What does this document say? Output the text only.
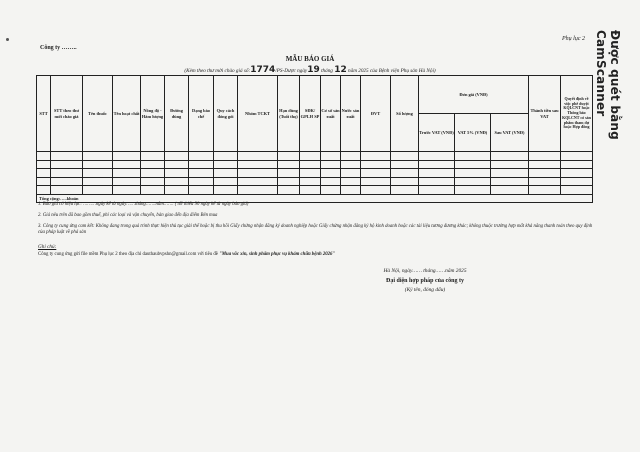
Công ty ……..
Phụ lục 2
MẪU BÁO GIÁ
(Kèm theo thư mời chào giá số:1774/PS-Dược ngày19 tháng 12 năm 2025 của Bệnh viện Phụ sản Hà Nội)	Được quét bằng CamScanner
STT	STT theo thư mời chào giá	Tên thuốc	Tên hoạt chất	Nồng độ - Hàm lượng	Đường dùng	Dạng bào chế	Quy cách đóng gói	Nhóm TCKT	Hạn dùng (Tuổi thọ)	SĐK/ GPLH SP	Cơ sở sản xuất	Nước sản xuất	ĐVT	Số lượng	Đơn giá (VNĐ)			Thành tiền sau VAT	Quyết định về việc phê duyệt KQLCNT hoặc Thông báo KQLCNT có sản phẩm tham dự hoặc Hợp đồng
															Trước VAT (VNĐ)	VAT 5% (VNĐ)	Sau VAT (VNĐ)		

Tổng cộng:…..khoản																			
1. Báo giá có hiệu lực: ………ngày kể từ ngày……tháng…….năm……. ( tối thiểu 90 ngày kể từ ngày báo giá)
2. Giá nêu trên đã bao gồm thuế, phí các loại và vận chuyển, bàn giao đến địa điểm Bên mua
3. Công ty cung ứng cam kết: Không đang trong quá trình thực hiện thủ tục giải thể hoặc bị thu hồi Giấy chứng nhận đăng ký doanh nghiệp hoặc Giấy chứng nhận đăng ký hộ kinh doanh hoặc các tài liệu tương đương khác; không thuộc trường hợp mất khả năng thanh toán theo quy định của pháp luật về phá sản
Ghi chú:
Công ty cung ứng gửi file mềm Phụ lục 2 theo địa chỉ dauthaubvpshn@gmail.com với tiêu đề "Mua vắc xin, sinh phẩm phục vụ khám chữa bệnh 2026"
Hà Nội, ngày…… tháng……năm 2025
Đại diện hợp pháp của công ty
(Ký tên, đóng dấu)
